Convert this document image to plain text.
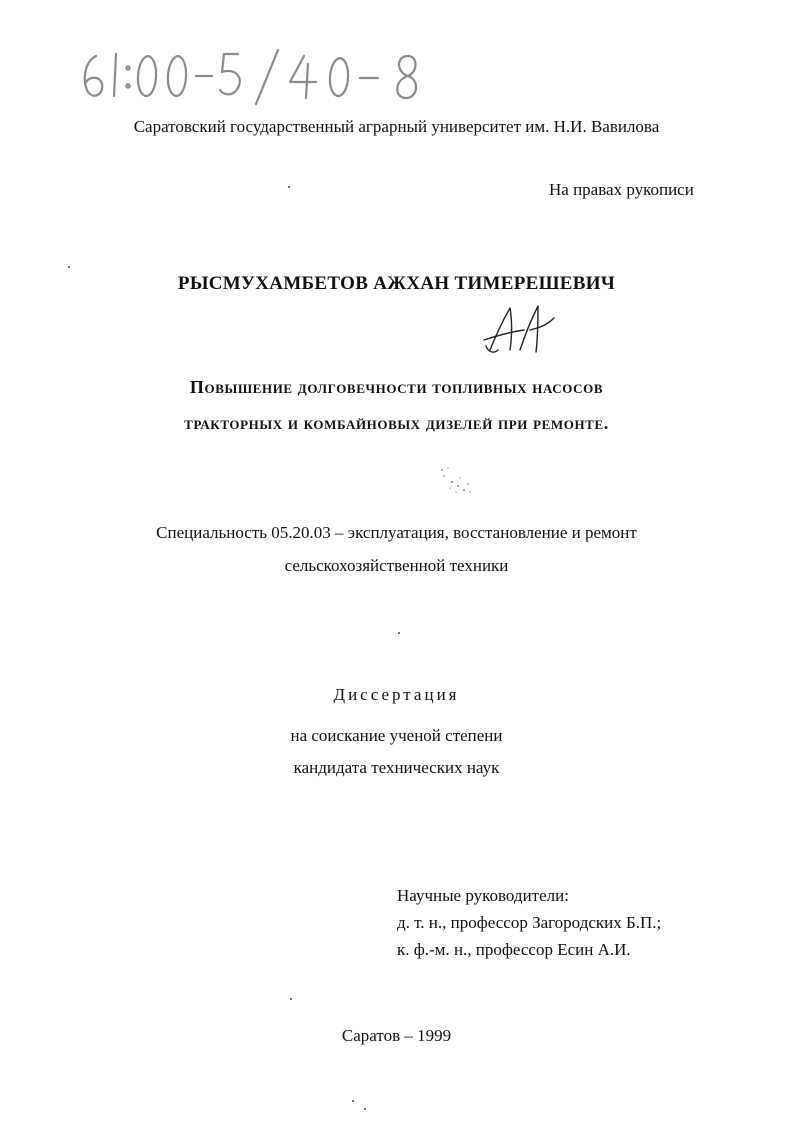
Саратовский государственный аграрный университет им. Н.И. Вавилова
На правах рукописи
РЫСМУХАМБЕТОВ АЖХАН ТИМЕРЕШЕВИЧ
Повышение долговечности топливных насосов
тракторных и комбайновых дизелей при ремонте.
Специальность 05.20.03 – эксплуатация, восстановление и ремонт
сельскохозяйственной техники
Диссертация
на соискание ученой степени
кандидата технических наук
Научные руководители:
д. т. н., профессор Загородских Б.П.;
к. ф.-м. н., профессор Есин А.И.
Саратов – 1999
